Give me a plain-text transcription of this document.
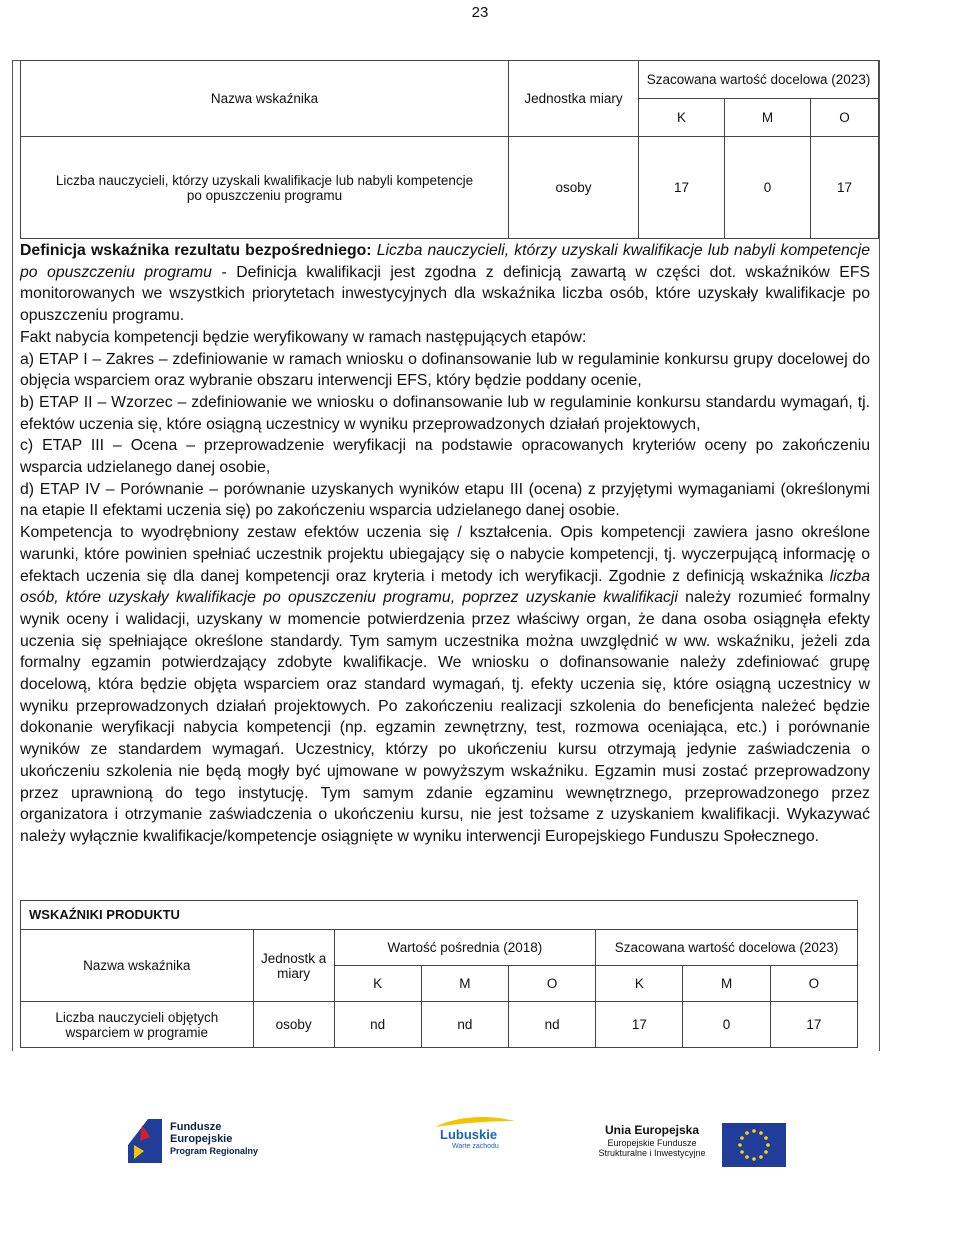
23
Nazwa wskaźnika	Jednostka miary	Szacowana wartość docelowa (2023)		
		K	M	O
Liczba nauczycieli, którzy uzyskali kwalifikacje lub nabyli kompetencje po opuszczeniu programu	osoby	17	0	17

Definicja wskaźnika rezultatu bezpośredniego: Liczba nauczycieli, którzy uzyskali kwalifikacje lub nabyli kompetencje po opuszczeniu programu - Definicja kwalifikacji jest zgodna z definicją zawartą w części dot. wskaźników EFS monitorowanych we wszystkich priorytetach inwestycyjnych dla wskaźnika liczba osób, które uzyskały kwalifikacje po opuszczeniu programu.

Fakt nabycia kompetencji będzie weryfikowany w ramach następujących etapów:

a) ETAP I – Zakres – zdefiniowanie w ramach wniosku o dofinansowanie lub w regulaminie konkursu grupy docelowej do objęcia wsparciem oraz wybranie obszaru interwencji EFS, który będzie poddany ocenie,

b) ETAP II – Wzorzec – zdefiniowanie we wniosku o dofinansowanie lub w regulaminie konkursu standardu wymagań, tj. efektów uczenia się, które osiągną uczestnicy w wyniku przeprowadzonych działań projektowych,

c) ETAP III – Ocena – przeprowadzenie weryfikacji na podstawie opracowanych kryteriów oceny po zakończeniu wsparcia udzielanego danej osobie,

d) ETAP IV – Porównanie – porównanie uzyskanych wyników etapu III (ocena) z przyjętymi wymaganiami (określonymi na etapie II efektami uczenia się) po zakończeniu wsparcia udzielanego danej osobie.

Kompetencja to wyodrębniony zestaw efektów uczenia się / kształcenia. Opis kompetencji zawiera jasno określone warunki, które powinien spełniać uczestnik projektu ubiegający się o nabycie kompetencji, tj. wyczerpującą informację o efektach uczenia się dla danej kompetencji oraz kryteria i metody ich weryfikacji. Zgodnie z definicją wskaźnika liczba osób, które uzyskały kwalifikacje po opuszczeniu programu, poprzez uzyskanie kwalifikacji należy rozumieć formalny wynik oceny i walidacji, uzyskany w momencie potwierdzenia przez właściwy organ, że dana osoba osiągnęła efekty uczenia się spełniające określone standardy. Tym samym uczestnika można uwzględnić w ww. wskaźniku, jeżeli zda formalny egzamin potwierdzający zdobyte kwalifikacje. We wniosku o dofinansowanie należy zdefiniować grupę docelową, która będzie objęta wsparciem oraz standard wymagań, tj. efekty uczenia się, które osiągną uczestnicy w wyniku przeprowadzonych działań projektowych. Po zakończeniu realizacji szkolenia do beneficjenta należeć będzie dokonanie weryfikacji nabycia kompetencji (np. egzamin zewnętrzny, test, rozmowa oceniająca, etc.) i porównanie wyników ze standardem wymagań. Uczestnicy, którzy po ukończeniu kursu otrzymają jedynie zaświadczenia o ukończeniu szkolenia nie będą mogły być ujmowane w powyższym wskaźniku. Egzamin musi zostać przeprowadzony przez uprawnioną do tego instytucję. Tym samym zdanie egzaminu wewnętrznego, przeprowadzonego przez organizatora i otrzymanie zaświadczenia o ukończeniu kursu, nie jest tożsame z uzyskaniem kwalifikacji. Wykazywać należy wyłącznie kwalifikacje/kompetencje osiągnięte w wyniku interwencji Europejskiego Funduszu Społecznego.

WSKAŹNIKI PRODUKTU
Nazwa wskaźnika	Jednostk a miary	Wartość pośrednia (2018)			Szacowana wartość docelowa (2023)		
		K	M	O	K	M	O
Liczba nauczycieli objętych wsparciem w programie	osoby	nd	nd	nd	17	0	17
Fundusze
Europejskie
Program Regionalny
Lubuskie
Warte zachodu
Unia Europejska
Europejskie Fundusze
Strukturalne i Inwestycyjne
